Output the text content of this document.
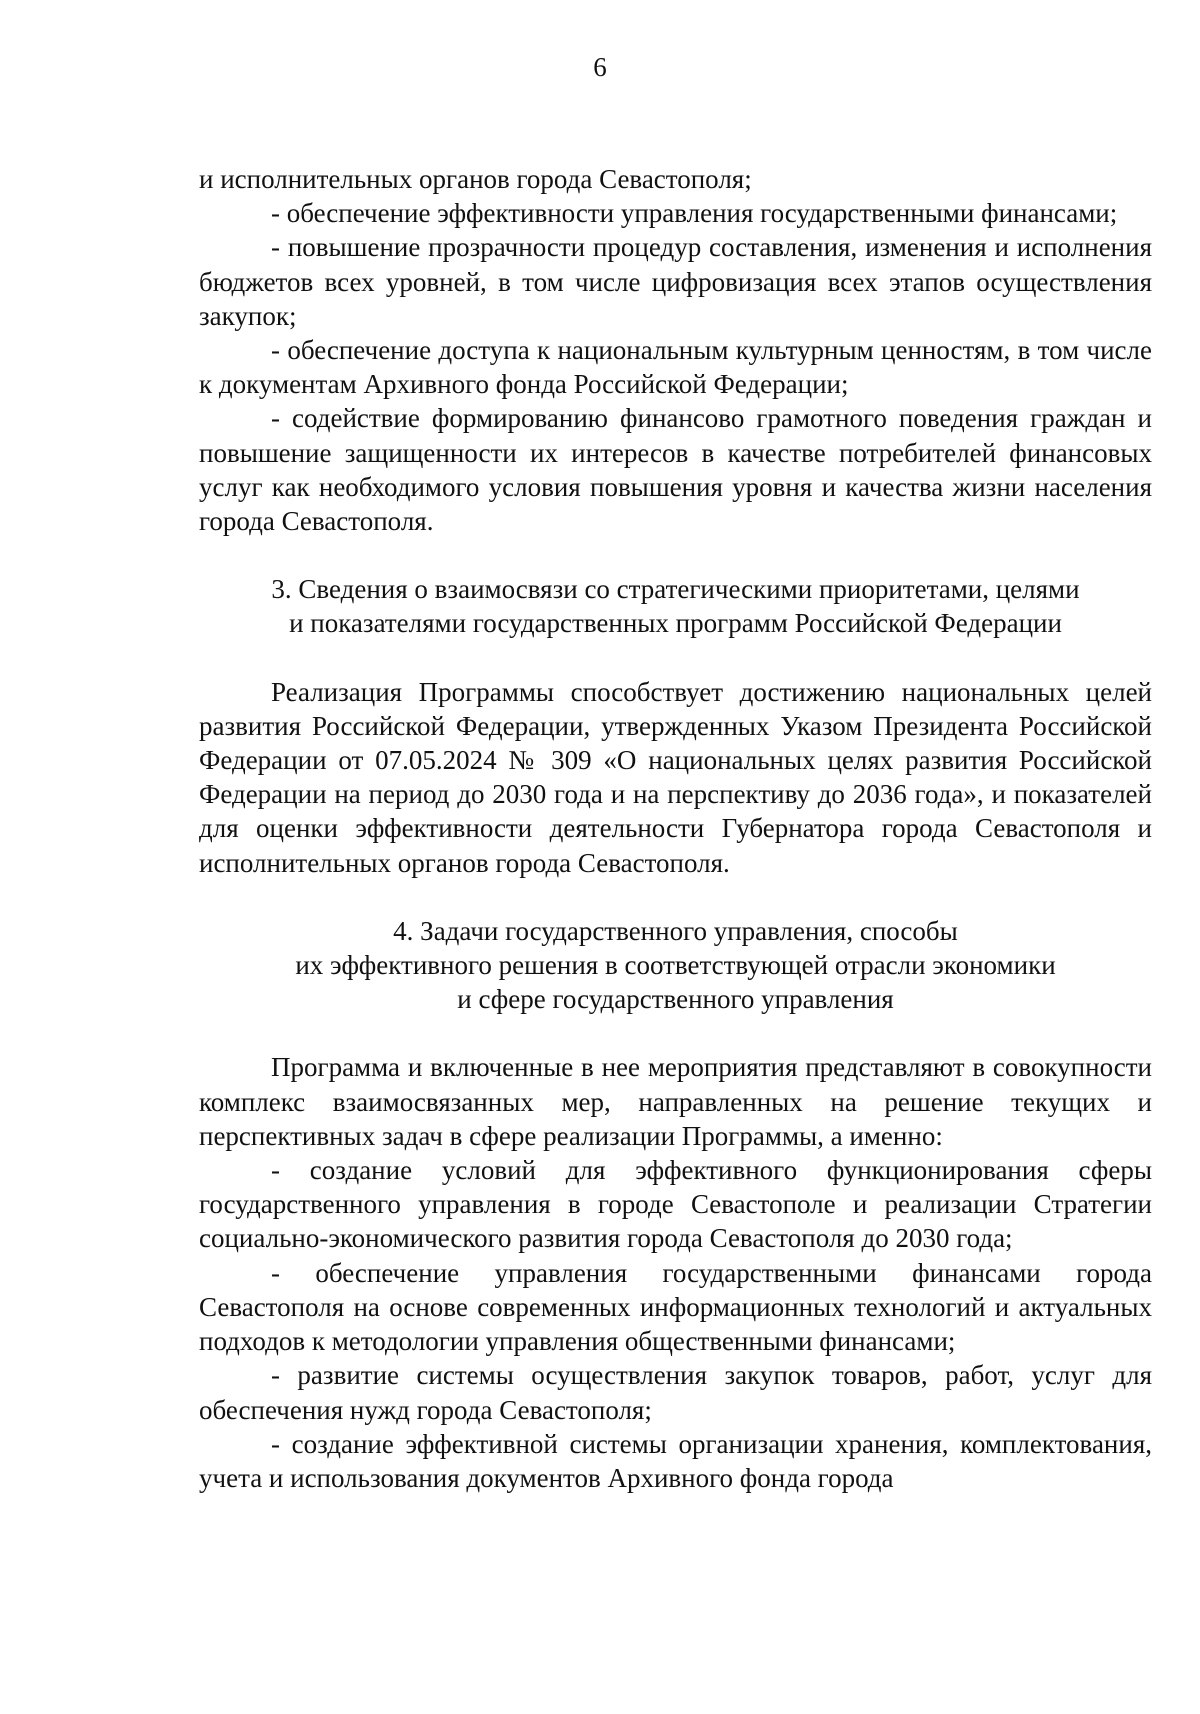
6

и исполнительных органов города Севастополя;

- обеспечение эффективности управления государственными финансами;

- повышение прозрачности процедур составления, изменения и исполнения бюджетов всех уровней, в том числе цифровизация всех этапов осуществления закупок;

- обеспечение доступа к национальным культурным ценностям, в том числе к документам Архивного фонда Российской Федерации;

- содействие формированию финансово грамотного поведения граждан и повышение защищенности их интересов в качестве потребителей финансовых услуг как необходимого условия повышения уровня и качества жизни населения города Севастополя.

3. Сведения о взаимосвязи со стратегическими приоритетами, целями

и показателями государственных программ Российской Федерации

Реализация Программы способствует достижению национальных целей развития Российской Федерации, утвержденных Указом Президента Российской Федерации от 07.05.2024 № 309 «О национальных целях развития Российской Федерации на период до 2030 года и на перспективу до 2036 года», и показателей для оценки эффективности деятельности Губернатора города Севастополя и исполнительных органов города Севастополя.

4. Задачи государственного управления, способы

их эффективного решения в соответствующей отрасли экономики

и сфере государственного управления

Программа и включенные в нее мероприятия представляют в совокупности комплекс взаимосвязанных мер, направленных на решение текущих и перспективных задач в сфере реализации Программы, а именно:

- создание условий для эффективного функционирования сферы государственного управления в городе Севастополе и реализации Стратегии социально-экономического развития города Севастополя до 2030 года;

- обеспечение управления государственными финансами города Севастополя на основе современных информационных технологий и актуальных подходов к методологии управления общественными финансами;

- развитие системы осуществления закупок товаров, работ, услуг для обеспечения нужд города Севастополя;

- создание эффективной системы организации хранения, комплектования, учета и использования документов Архивного фонда города
